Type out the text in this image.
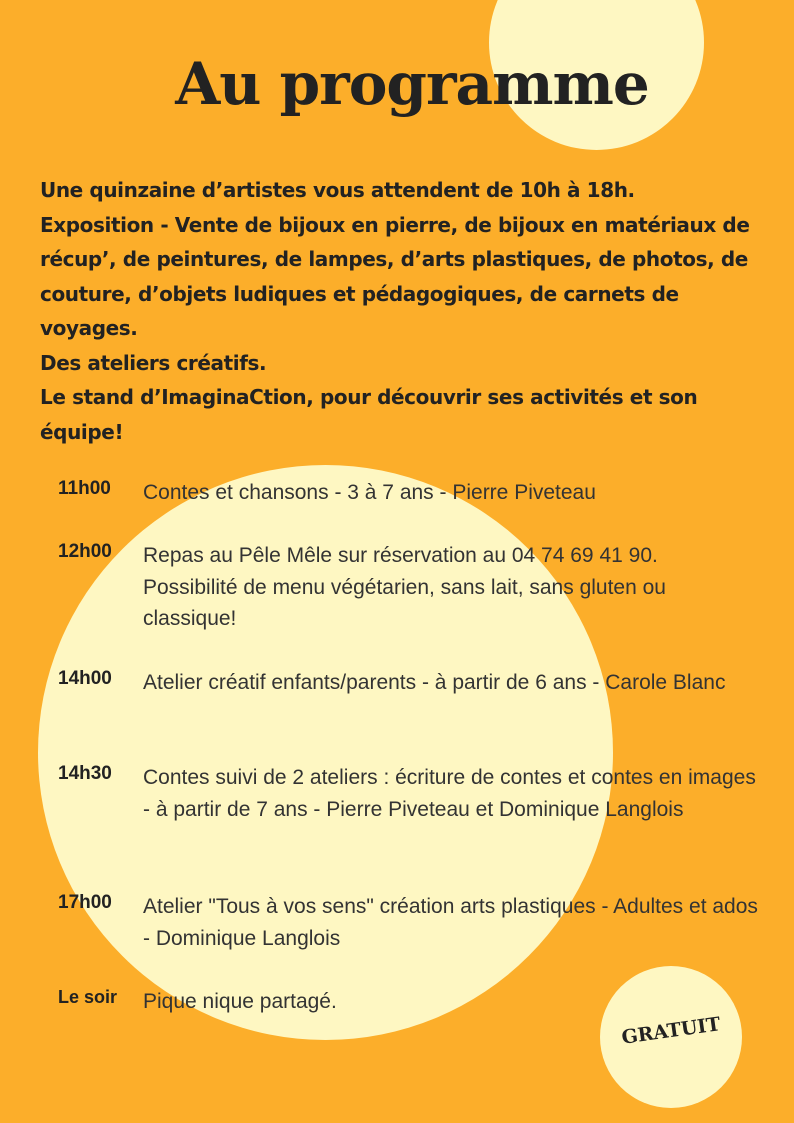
Au programme

Une quinzaine d’artistes vous attendent de 10h à 18h.

Exposition - Vente de bijoux en pierre, de bijoux en matériaux de récup’, de peintures, de lampes, d’arts plastiques, de photos, de couture, d’objets ludiques et pédagogiques, de carnets de voyages.

Des ateliers créatifs.

Le stand d’ImaginaCtion, pour découvrir ses activités et son équipe!

11h00 Contes et chansons - 3 à 7 ans - Pierre Piveteau
12h00 Repas au Pêle Mêle sur réservation au 04 74 69 41 90. Possibilité de menu végétarien, sans lait, sans gluten ou classique!
14h00 Atelier créatif enfants/parents - à partir de 6 ans - Carole Blanc
14h30 Contes suivi de 2 ateliers : écriture de contes et contes en images - à partir de 7 ans - Pierre Piveteau et Dominique Langlois
17h00 Atelier "Tous à vos sens" création arts plastiques - Adultes et ados - Dominique Langlois
Le soir Pique nique partagé.
GRATUIT
